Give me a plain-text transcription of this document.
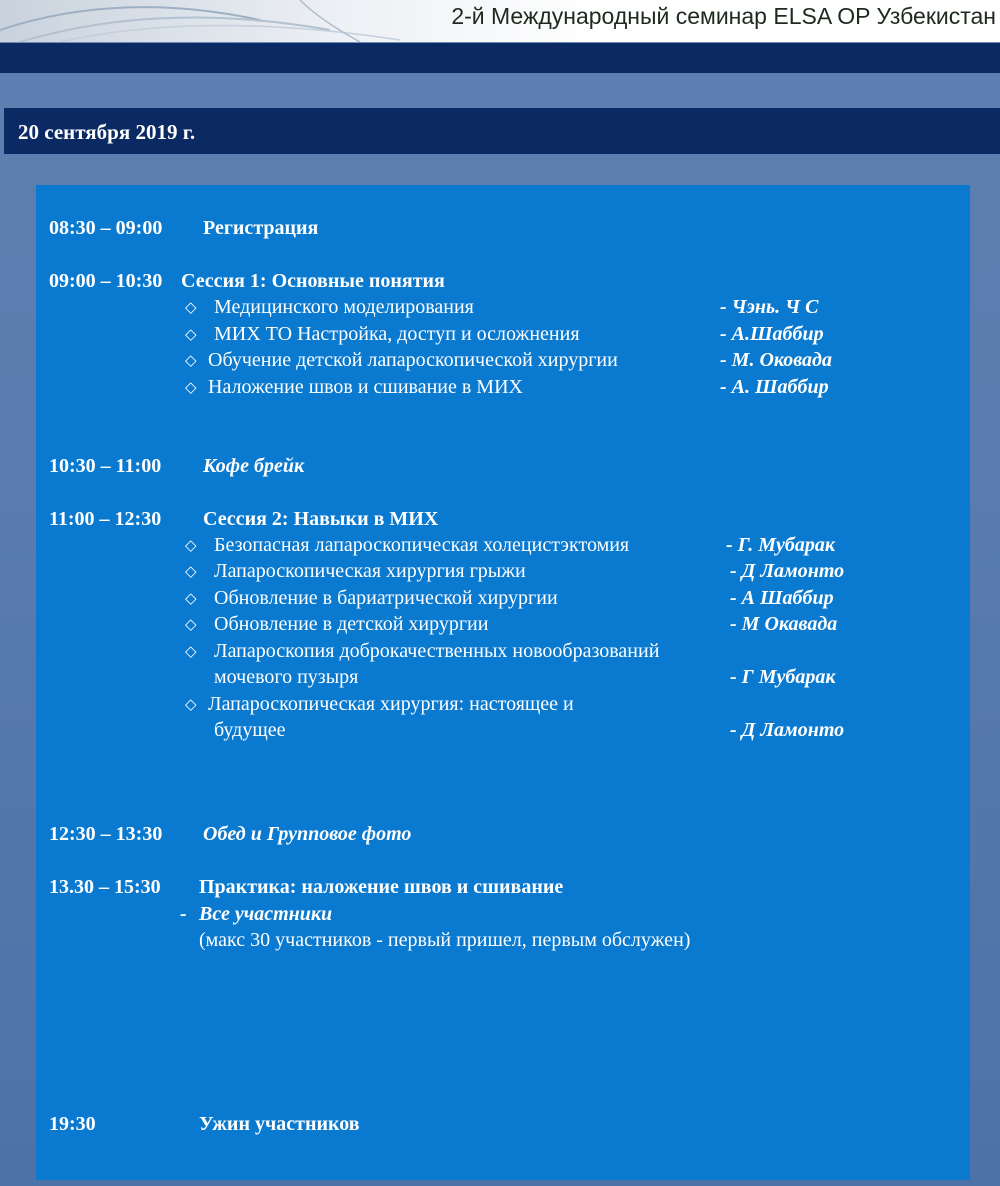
2-й Международный семинар ELSA OP Узбекистан
20 сентября 2019 г.
08:30 – 09:00 Регистрация
09:00 – 10:30 Сессия 1: Основные понятия
◇ Медицинского моделирования	- Чэнь. Ч С
◇ МИХ ТО Настройка, доступ и осложнения	- А.Шаббир
◇ Обучение детской лапароскопической хирургии	- М. Оковада
◇ Наложение швов и сшивание в МИХ	- А. Шаббир
10:30 – 11:00 Кофе брейк
11:00 – 12:30 Сессия 2: Навыки в МИХ
◇ Безопасная лапароскопическая холецистэктомия	- Г. Мубарак
◇ Лапароскопическая хирургия грыжи	- Д Ламонто
◇ Обновление в бариатрической хирургии	- А Шаббир
◇ Обновление в детской хирургии	- М Окавада
◇ Лапароскопия доброкачественных новообразований
мочевого пузыря	- Г Мубарак
◇ Лапароскопическая хирургия: настоящее и
будущее	- Д Ламонто
12:30 – 13:30 Обед и Групповое фото
13.30 – 15:30 Практика: наложение швов и сшивание
- Все участники
(макс 30 участников - первый пришел, первым обслужен)
19:30	Ужин участников
